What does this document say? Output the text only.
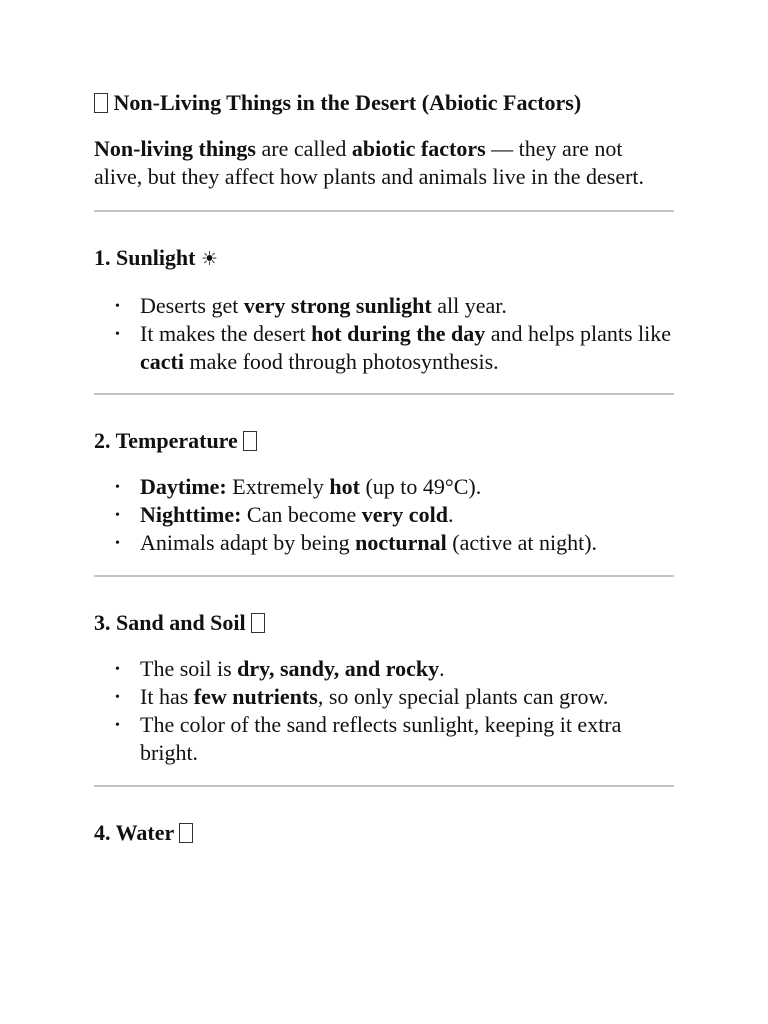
Non-Living Things in the Desert (Abiotic Factors)

Non-living things are called abiotic factors — they are not alive, but they affect how plants and animals live in the desert.

1. Sunlight ☀
• Deserts get very strong sunlight all year.
• It makes the desert hot during the day and helps plants like cacti make food through photosynthesis.
2. Temperature
• Daytime: Extremely hot (up to 49°C).
• Nighttime: Can become very cold.
• Animals adapt by being nocturnal (active at night).
3. Sand and Soil
• The soil is dry, sandy, and rocky.
• It has few nutrients, so only special plants can grow.
• The color of the sand reflects sunlight, keeping it extra bright.
4. Water
